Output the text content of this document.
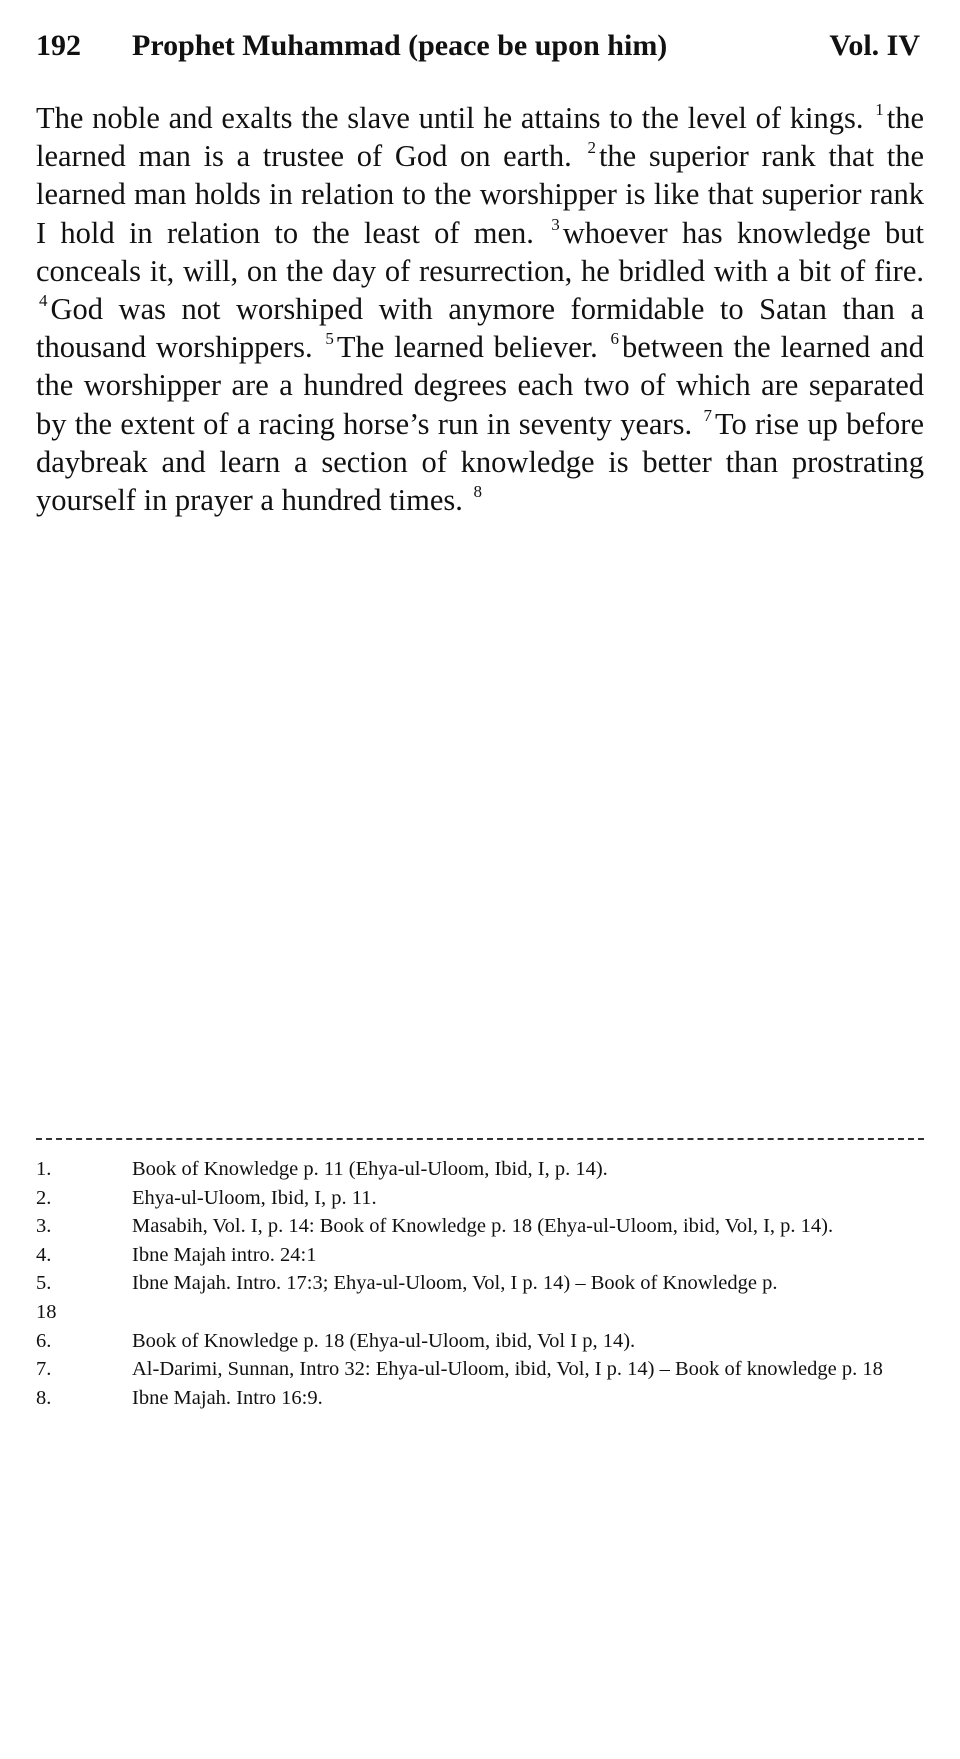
192 Prophet Muhammad (peace be upon him)	Vol. IV
The noble and exalts the slave until he attains to the level of kings. $^1$the learned man is a trustee of God on earth. $^2$the superior rank that the learned man holds in relation to the worshipper is like that superior rank I hold in relation to the least of men. $^3$whoever has knowledge but conceals it, will, on the day of resurrection, he bridled with a bit of fire. $^4$God was not worshiped with anymore formidable to Satan than a thousand worshippers. $^5$The learned believer. $^6$between the learned and the worshipper are a hundred degrees each two of which are separated by the extent of a racing horse’s run in seventy years. $^7$To rise up before daybreak and learn a section of knowledge is better than prostrating yourself in prayer a hundred times. $^8$
1.	Book of Knowledge p. 11 (Ehya-ul-Uloom, Ibid, I, p. 14).
2.	Ehya-ul-Uloom, Ibid, I, p. 11.
3.	Masabih, Vol. I, p. 14: Book of Knowledge p. 18 (Ehya-ul-Uloom, ibid, Vol, I, p. 14).
4.	Ibne Majah intro. 24:1
5.	Ibne Majah. Intro. 17:3; Ehya-ul-Uloom, Vol, I p. 14) – Book of Knowledge p.
18
6.	Book of Knowledge p. 18 (Ehya-ul-Uloom, ibid, Vol I p, 14).
7.	Al-Darimi, Sunnan, Intro 32: Ehya-ul-Uloom, ibid, Vol, I p. 14) – Book of knowledge p. 18
8.	Ibne Majah. Intro 16:9.
